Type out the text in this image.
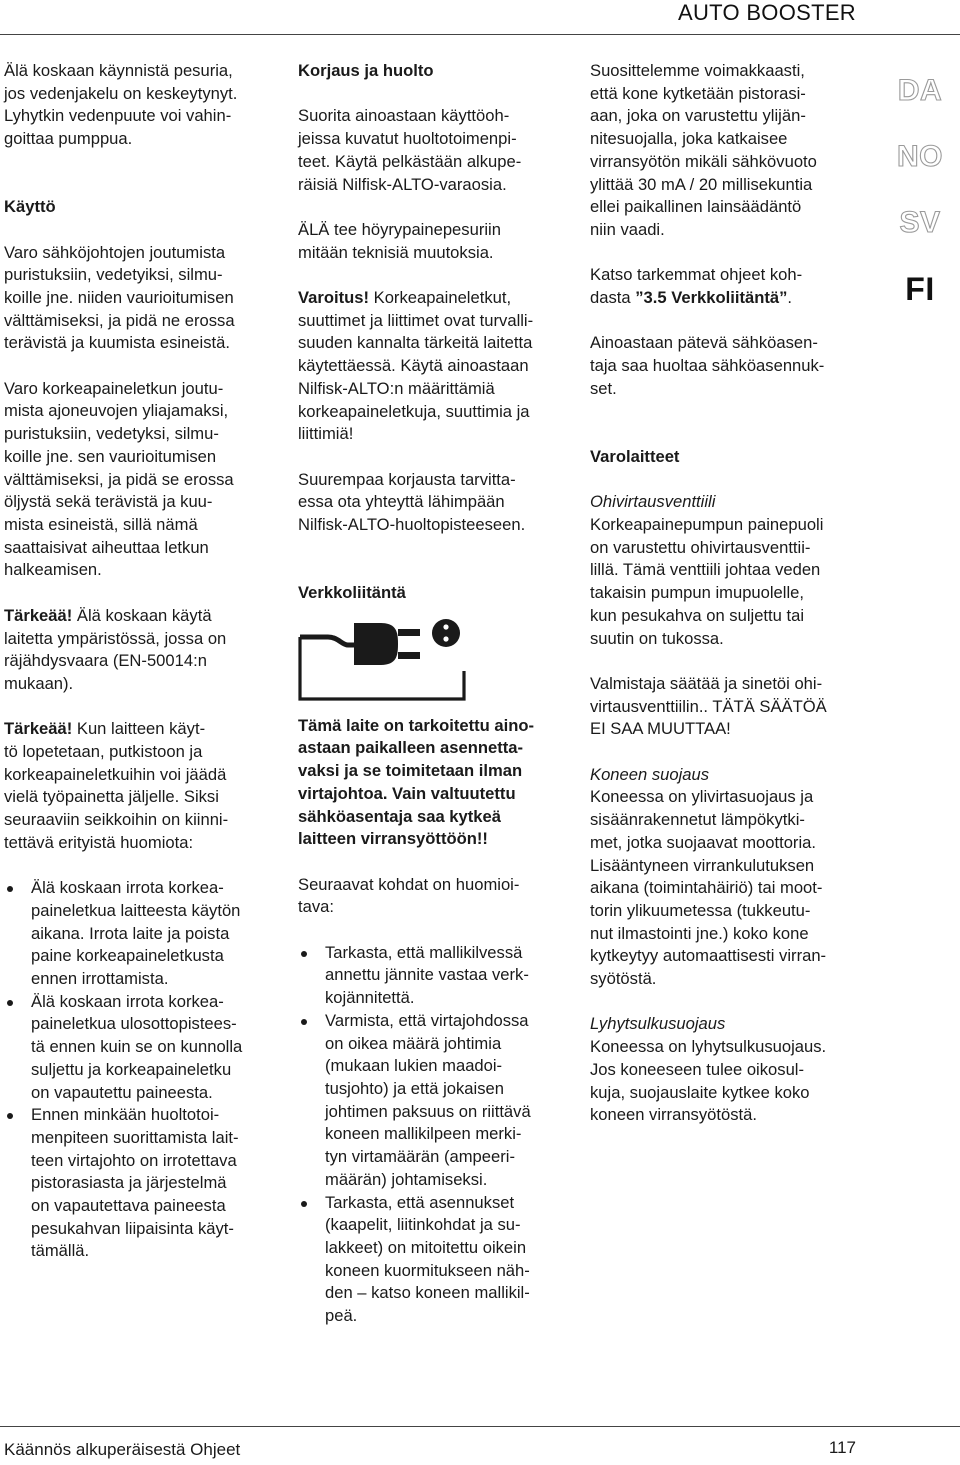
AUTO BOOSTER

Älä koskaan käynnistä pesuria,

jos vedenjakelu on keskeytynyt.

Lyhytkin vedenpuute voi vahin-

goittaa pumppua.

Käyttö

Varo sähköjohtojen joutumista

puristuksiin, vedetyiksi, silmu-

koille jne. niiden vaurioitumisen

välttämiseksi, ja pidä ne erossa

terävistä ja kuumista esineistä.

Varo korkeapaineletkun joutu-

mista ajoneuvojen yliajamaksi,

puristuksiin, vedetyksi, silmu-

koille jne. sen vaurioitumisen

välttämiseksi, ja pidä se erossa

öljystä sekä terävistä ja kuu-

mista esineistä, sillä nämä

saattaisivat aiheuttaa letkun

halkeamisen.

Tärkeää! Älä koskaan käytä

laitetta ympäristössä, jossa on

räjähdysvaara (EN-50014:n

mukaan).

Tärkeää! Kun laitteen käyt-

tö lopetetaan, putkistoon ja

korkeapaineletkuihin voi jäädä

vielä työpainetta jäljelle. Siksi

seuraaviin seikkoihin on kiinni-

tettävä erityistä huomiota:

Älä koskaan irrota korkea-

paineletkua laitteesta käytön

aikana. Irrota laite ja poista

paine korkeapaineletkusta

ennen irrottamista.

Älä koskaan irrota korkea-

paineletkua ulosottopistees-

tä ennen kuin se on kunnolla

suljettu ja korkeapaineletku

on vapautettu paineesta.

Ennen minkään huoltotoi-

menpiteen suorittamista lait-

teen virtajohto on irrotettava

pistorasiasta ja järjestelmä

on vapautettava paineesta

pesukahvan liipaisinta käyt-

tämällä.

Korjaus ja huolto

Suorita ainoastaan käyttöoh-

jeissa kuvatut huoltotoimenpi-

teet. Käytä pelkästään alkupe-

räisiä Nilfisk-ALTO-varaosia.

ÄLÄ tee höyrypainepesuriin

mitään teknisiä muutoksia.

Varoitus! Korkeapaineletkut,

suuttimet ja liittimet ovat turvalli-

suuden kannalta tärkeitä laitetta

käytettäessä. Käytä ainoastaan

Nilfisk-ALTO:n määrittämiä

korkeapaineletkuja, suuttimia ja

liittimiä!

Suurempaa korjausta tarvitta-

essa ota yhteyttä lähimpään

Nilfisk-ALTO-huoltopisteeseen.

Verkkoliitäntä

Tämä laite on tarkoitettu aino-

astaan paikalleen asennetta-

vaksi ja se toimitetaan ilman

virtajohtoa. Vain valtuutettu

sähköasentaja saa kytkeä

laitteen virransyöttöön!!

Seuraavat kohdat on huomioi-

tava:

Tarkasta, että mallikilvessä

annettu jännite vastaa verk-

kojännitettä.

Varmista, että virtajohdossa

on oikea määrä johtimia

(mukaan lukien maadoi-

tusjohto) ja että jokaisen

johtimen paksuus on riittävä

koneen mallikilpeen merki-

tyn virtamäärän (ampeeri-

määrän) johtamiseksi.

Tarkasta, että asennukset

(kaapelit, liitinkohdat ja su-

lakkeet) on mitoitettu oikein

koneen kuormitukseen näh-

den – katso koneen mallikil-

peä.

Suosittelemme voimakkaasti,

että kone kytketään pistorasi-

aan, joka on varustettu ylijän-

nitesuojalla, joka katkaisee

virransyötön mikäli sähkövuoto

ylittää 30 mA / 20 millisekuntia

ellei paikallinen lainsäädäntö

niin vaadi.

Katso tarkemmat ohjeet koh-

dasta ”3.5 Verkkoliitäntä”.

Ainoastaan pätevä sähköasen-

taja saa huoltaa sähköasennuk-

set.

Varolaitteet

Ohivirtausventtiili

Korkeapainepumpun painepuoli

on varustettu ohivirtausventtii-

lillä. Tämä venttiili johtaa veden

takaisin pumpun imupuolelle,

kun pesukahva on suljettu tai

suutin on tukossa.

Valmistaja säätää ja sinetöi ohi-

virtausventtiilin.. TÄTÄ SÄÄTÖÄ

EI SAA MUUTTAA!

Koneen suojaus

Koneessa on ylivirtasuojaus ja

sisäänrakennetut lämpökytki-

met, jotka suojaavat moottoria.

Lisääntyneen virrankulutuksen

aikana (toimintahäiriö) tai moot-

torin ylikuumetessa (tukkeutu-

nut ilmastointi jne.) koko kone

kytkeytyy automaattisesti virran-

syötöstä.

Lyhytsulkusuojaus

Koneessa on lyhytsulkusuojaus.

Jos koneeseen tulee oikosul-

kuja, suojauslaite kytkee koko

koneen virransyötöstä.

DA
NO
SV
FI
Käännös alkuperäisestä Ohjeet	117
